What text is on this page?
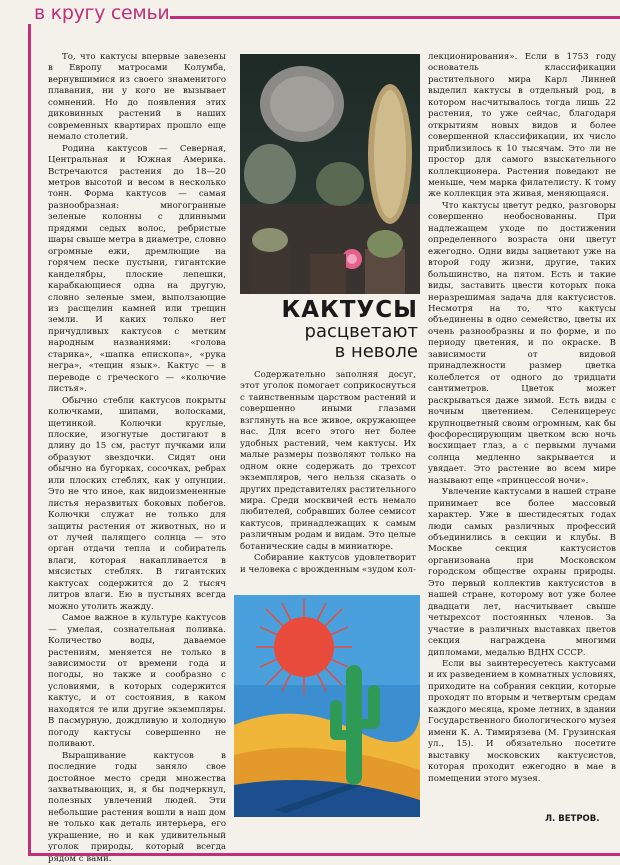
в кругу семьи

То, что кактусы впервые завезены в Европу матросами Колумба, вернувшимися из своего знаменитого плавания, ни у кого не вызывает сомнений. Но до появления этих диковинных растений в наших современных квартирах прошло еще немало столетий.

Родина кактусов — Северная, Центральная и Южная Америка. Встречаются растения до 18—20 метров высотой и весом в несколько тонн. Форма кактусов — самая разнообразная: многогранные зеленые колонны с длинными прядями седых волос, ребристые шары свыше метра в диаметре, словно огромные ежи, дремлющие на горячем песке пустыни, гигантские канделябры, плоские лепешки, карабкающиеся одна на другую, словно зеленые змеи, выползающие из расщелин камней или трещин земли. И каких только нет причудливых кактусов с метким народным названиями: «голова старика», «шапка епископа», «рука негра», «тещин язык». Кактус — в переводе с греческого — «колючие листья».

Обычно стебли кактусов покрыты колючками, шипами, волосками, щетинкой. Колючки круглые, плоские, изогнутые достигают в длину до 15 см, растут пучками или образуют звездочки. Сидят они обычно на бугорках, сосочках, ребрах или плоских стеблях, как у опунции. Это не что иное, как видоизмененные листья неразвитых боковых побегов. Колючки служат не только для защиты растения от животных, но и от лучей палящего солнца — это орган отдачи тепла и собиратель влаги, которая накапливается в мясистых стеблях. В гигантских кактусах содержится до 2 тысяч литров влаги. Ею в пустынях всегда можно утолить жажду.

Самое важное в культуре кактусов — умелая, сознательная поливка. Количество воды, даваемое растениям, меняется не только в зависимости от времени года и погоды, но также и сообразно с условиями, в которых содержится кактус, и от состояния, в каком находятся те или другие экземпляры. В пасмурную, дождливую и холодную погоду кактусы совершенно не поливают.

Выращивание кактусов в последние годы заняло свое достойное место среди множества захватывающих, и, я бы подчеркнул, полезных увлечений людей. Эти небольшие растения вошли в наш дом не только как деталь интерьера, его украшение, но и как удивительный уголок природы, который всегда рядом с вами.

КАКТУСЫ
расцветают
в неволе

Содержательно заполняя досуг, этот уголок помогает соприкоснуться с таинственным царством растений и совершенно иными глазами взглянуть на все живое, окружающее нас. Для всего этого нет более удобных растений, чем кактусы. Их малые размеры позволяют только на одном окне содержать до трехсот экземпляров, чего нельзя сказать о других представителях растительного мира. Среди москвичей есть немало любителей, собравших более семисот кактусов, принадлежащих к самым различным родам и видам. Это целые ботанические сады в миниатюре.

Собирание кактусов удовлетворит и человека с врожденным «зудом кол-

лекционирования». Если в 1753 году основатель классификации растительного мира Карл Линней выделил кактусы в отдельный род, в котором насчитывалось тогда лишь 22 растения, то уже сейчас, благодаря открытиям новых видов и более совершенной классификации, их число приблизилось к 10 тысячам. Это ли не простор для самого взыскательного коллекционера. Растения поведают не меньше, чем марка филателисту. К тому же коллекция эта живая, меняющаяся.

Что кактусы цветут редко, разговоры совершенно необоснованны. При надлежащем уходе по достижении определенного возраста они цветут ежегодно. Одни виды зацветают уже на второй году жизни, другие, таких большинство, на пятом. Есть и такие виды, заставить цвести которых пока неразрешимая задача для кактусистов. Несмотря на то, что кактусы объединены в одно семейство, цветы их очень разнообразны и по форме, и по периоду цветения, и по окраске. В зависимости от видовой принадлежности размер цветка колеблется от одного до тридцати сантиметров. Цветок может раскрываться даже зимой. Есть виды с ночным цветением. Селеницереус крупноцветный своим огромным, как бы фосфоресцирующим цветком всю ночь восхищает глаз, а с первыми лучами солнца медленно закрывается и увядает. Это растение во всем мире называют еще «принцессой ночи».

Увлечение кактусами в нашей стране принимает все более массовый характер. Уже в шестидесятых годах люди самых различных профессий объединились в секции и клубы. В Москве секция кактусистов организована при Московском городском обществе охраны природы. Это первый коллектив кактусистов в нашей стране, которому вот уже более двадцати лет, насчитывает свыше четырехсот постоянных членов. За участие в различных выставках цветов секция награждена многими дипломами, медалью ВДНХ СССР.

Если вы заинтересуетесь кактусами и их разведением в комнатных условиях, приходите на собрания секции, которые проходят по вторым и четвертым средам каждого месяца, кроме летних, в здании Государственного биологического музея имени К. А. Тимирязева (М. Грузинская ул., 15). И обязательно посетите выставку московских кактусистов, которая проходит ежегодно в мае в помещении этого музея.

Л. ВЕТРОВ.
